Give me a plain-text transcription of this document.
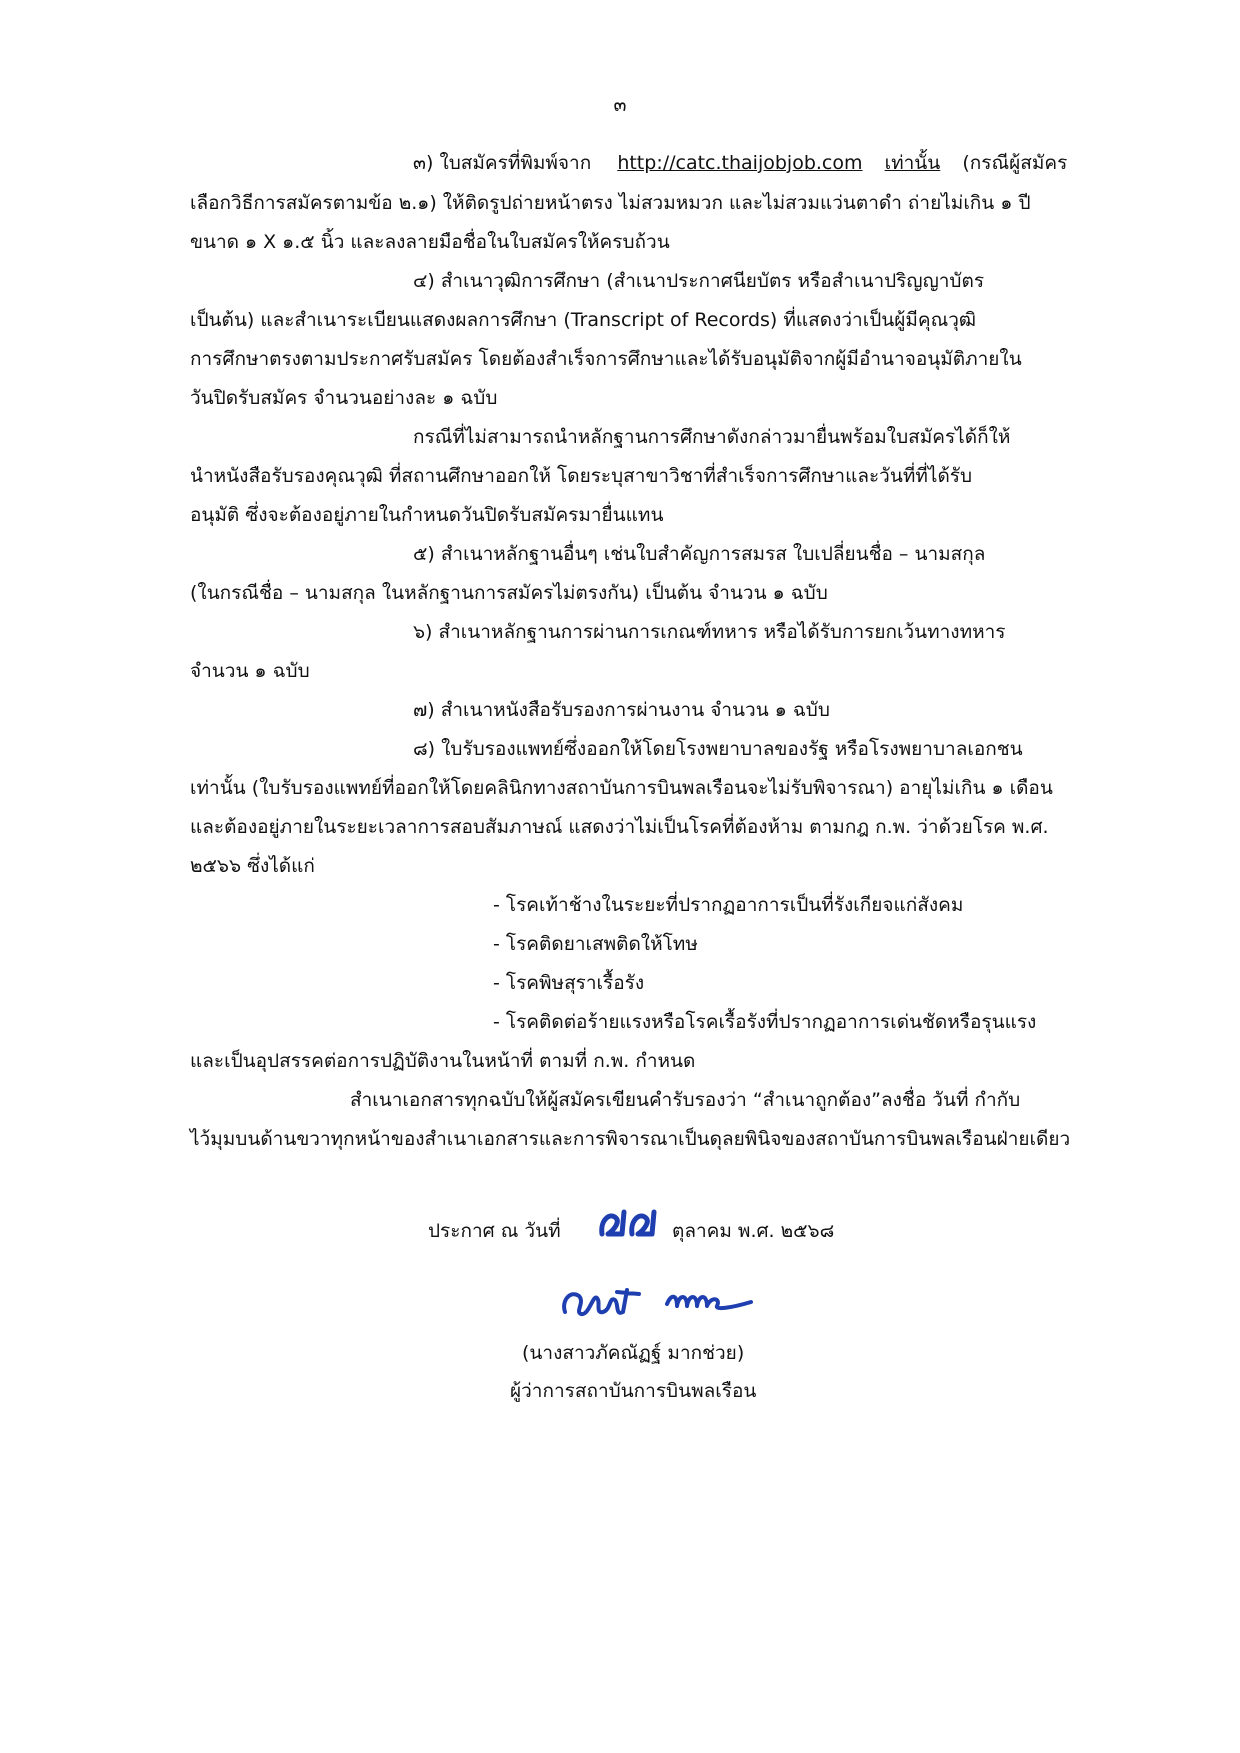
๓
๓) ใบสมัครที่พิมพ์จาก http://catc.thaijobjob.com เท่านั้น (กรณีผู้สมัคร
เลือกวิธีการสมัครตามข้อ ๒.๑) ให้ติดรูปถ่ายหน้าตรง ไม่สวมหมวก และไม่สวมแว่นตาดำ ถ่ายไม่เกิน ๑ ปี
ขนาด ๑ X ๑.๕ นิ้ว และลงลายมือชื่อในใบสมัครให้ครบถ้วน
๔) สำเนาวุฒิการศึกษา (สำเนาประกาศนียบัตร หรือสำเนาปริญญาบัตร
เป็นต้น) และสำเนาระเบียนแสดงผลการศึกษา (Transcript of Records) ที่แสดงว่าเป็นผู้มีคุณวุฒิ
การศึกษาตรงตามประกาศรับสมัคร โดยต้องสำเร็จการศึกษาและได้รับอนุมัติจากผู้มีอำนาจอนุมัติภายใน
วันปิดรับสมัคร จำนวนอย่างละ ๑ ฉบับ
กรณีที่ไม่สามารถนำหลักฐานการศึกษาดังกล่าวมายื่นพร้อมใบสมัครได้ก็ให้
นำหนังสือรับรองคุณวุฒิ ที่สถานศึกษาออกให้ โดยระบุสาขาวิชาที่สำเร็จการศึกษาและวันที่ที่ได้รับ
อนุมัติ ซึ่งจะต้องอยู่ภายในกำหนดวันปิดรับสมัครมายื่นแทน
๕) สำเนาหลักฐานอื่นๆ เช่นใบสำคัญการสมรส ใบเปลี่ยนชื่อ – นามสกุล
(ในกรณีชื่อ – นามสกุล ในหลักฐานการสมัครไม่ตรงกัน) เป็นต้น จำนวน ๑ ฉบับ
๖) สำเนาหลักฐานการผ่านการเกณฑ์ทหาร หรือได้รับการยกเว้นทางทหาร
จำนวน ๑ ฉบับ
๗) สำเนาหนังสือรับรองการผ่านงาน จำนวน ๑ ฉบับ
๘) ใบรับรองแพทย์ซึ่งออกให้โดยโรงพยาบาลของรัฐ หรือโรงพยาบาลเอกชน
เท่านั้น (ใบรับรองแพทย์ที่ออกให้โดยคลินิกทางสถาบันการบินพลเรือนจะไม่รับพิจารณา) อายุไม่เกิน ๑ เดือน
และต้องอยู่ภายในระยะเวลาการสอบสัมภาษณ์ แสดงว่าไม่เป็นโรคที่ต้องห้าม ตามกฎ ก.พ. ว่าด้วยโรค พ.ศ.
๒๕๖๖ ซึ่งได้แก่
- โรคเท้าช้างในระยะที่ปรากฏอาการเป็นที่รังเกียจแก่สังคม
- โรคติดยาเสพติดให้โทษ
- โรคพิษสุราเรื้อรัง
- โรคติดต่อร้ายแรงหรือโรคเรื้อรังที่ปรากฏอาการเด่นชัดหรือรุนแรง
และเป็นอุปสรรคต่อการปฏิบัติงานในหน้าที่ ตามที่ ก.พ. กำหนด
สำเนาเอกสารทุกฉบับให้ผู้สมัครเขียนคำรับรองว่า “สำเนาถูกต้อง”ลงชื่อ วันที่ กำกับ
ไว้มุมบนด้านขวาทุกหน้าของสำเนาเอกสารและการพิจารณาเป็นดุลยพินิจของสถาบันการบินพลเรือนฝ่ายเดียว
ประกาศ ณ วันที่	ตุลาคม พ.ศ. ๒๕๖๘
(นางสาวภัคณัฏฐ์ มากช่วย)
ผู้ว่าการสถาบันการบินพลเรือน
